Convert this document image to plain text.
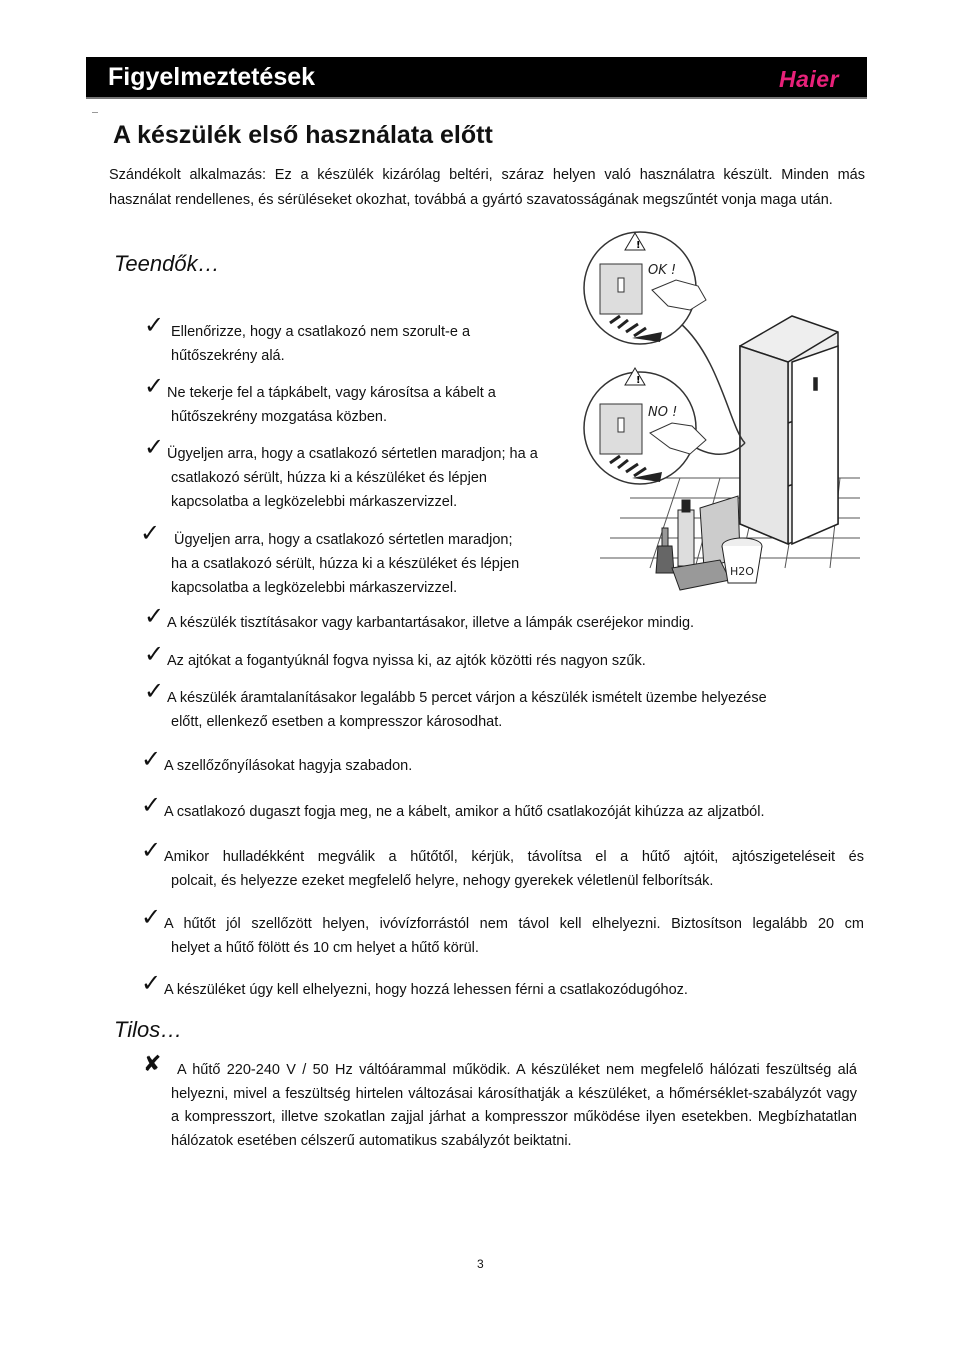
Figyelmeztetések	Haier
A készülék első használata előtt
Szándékolt alkalmazás: Ez a készülék kizárólag beltéri, száraz helyen való használatra készült. Minden más használat rendellenes, és sérüléseket okozhat, továbbá a gyártó szavatosságának megszűntét vonja maga után.
Teendők…
✓ Ellenőrizze, hogy a csatlakozó nem szorult-e a
hűtőszekrény alá.
✓ Ne tekerje fel a tápkábelt, vagy károsítsa a kábelt a
hűtőszekrény mozgatása közben.
✓ Ügyeljen arra, hogy a csatlakozó sértetlen maradjon; ha a
csatlakozó sérült, húzza ki a készüléket és lépjen
kapcsolatba a legközelebbi márkaszervizzel.
✓ Ügyeljen arra, hogy a csatlakozó sértetlen maradjon;
ha a csatlakozó sérült, húzza ki a készüléket és lépjen
kapcsolatba a legközelebbi márkaszervizzel.
✓ A készülék tisztításakor vagy karbantartásakor, illetve a lámpák cseréjekor mindig.
✓ Az ajtókat a fogantyúknál fogva nyissa ki, az ajtók közötti rés nagyon szűk.
✓ A készülék áramtalanításakor legalább 5 percet várjon a készülék ismételt üzembe helyezése
előtt, ellenkező esetben a kompresszor károsodhat.
✓ A szellőzőnyílásokat hagyja szabadon.
✓ A csatlakozó dugaszt fogja meg, ne a kábelt, amikor a hűtő csatlakozóját kihúzza az aljzatból.
✓ Amikor hulladékként megválik a hűtőtől, kérjük, távolítsa el a hűtő ajtóit, ajtószigeteléseit és
polcait, és helyezze ezeket megfelelő helyre, nehogy gyerekek véletlenül felborítsák.
✓ A hűtőt jól szellőzött helyen, ivóvízforrástól nem távol kell elhelyezni. Biztosítson legalább 20 cm
helyet a hűtő fölött és 10 cm helyet a hűtő körül.
✓ A készüléket úgy kell elhelyezni, hogy hozzá lehessen férni a csatlakozódugóhoz.
Tilos…
✘	A hűtő 220-240 V / 50 Hz váltóárammal működik. A készüléket nem megfelelő hálózati feszültség alá helyezni, mivel a feszültség hirtelen változásai károsíthatják a készüléket, a hőmérséklet-szabályzót vagy a kompresszort, illetve szokatlan zajjal járhat a kompresszor működése ilyen esetekben. Megbízhatatlan hálózatok esetében célszerű automatikus szabályzót beiktatni.
3
!
OK !
!
NO !
H2O
